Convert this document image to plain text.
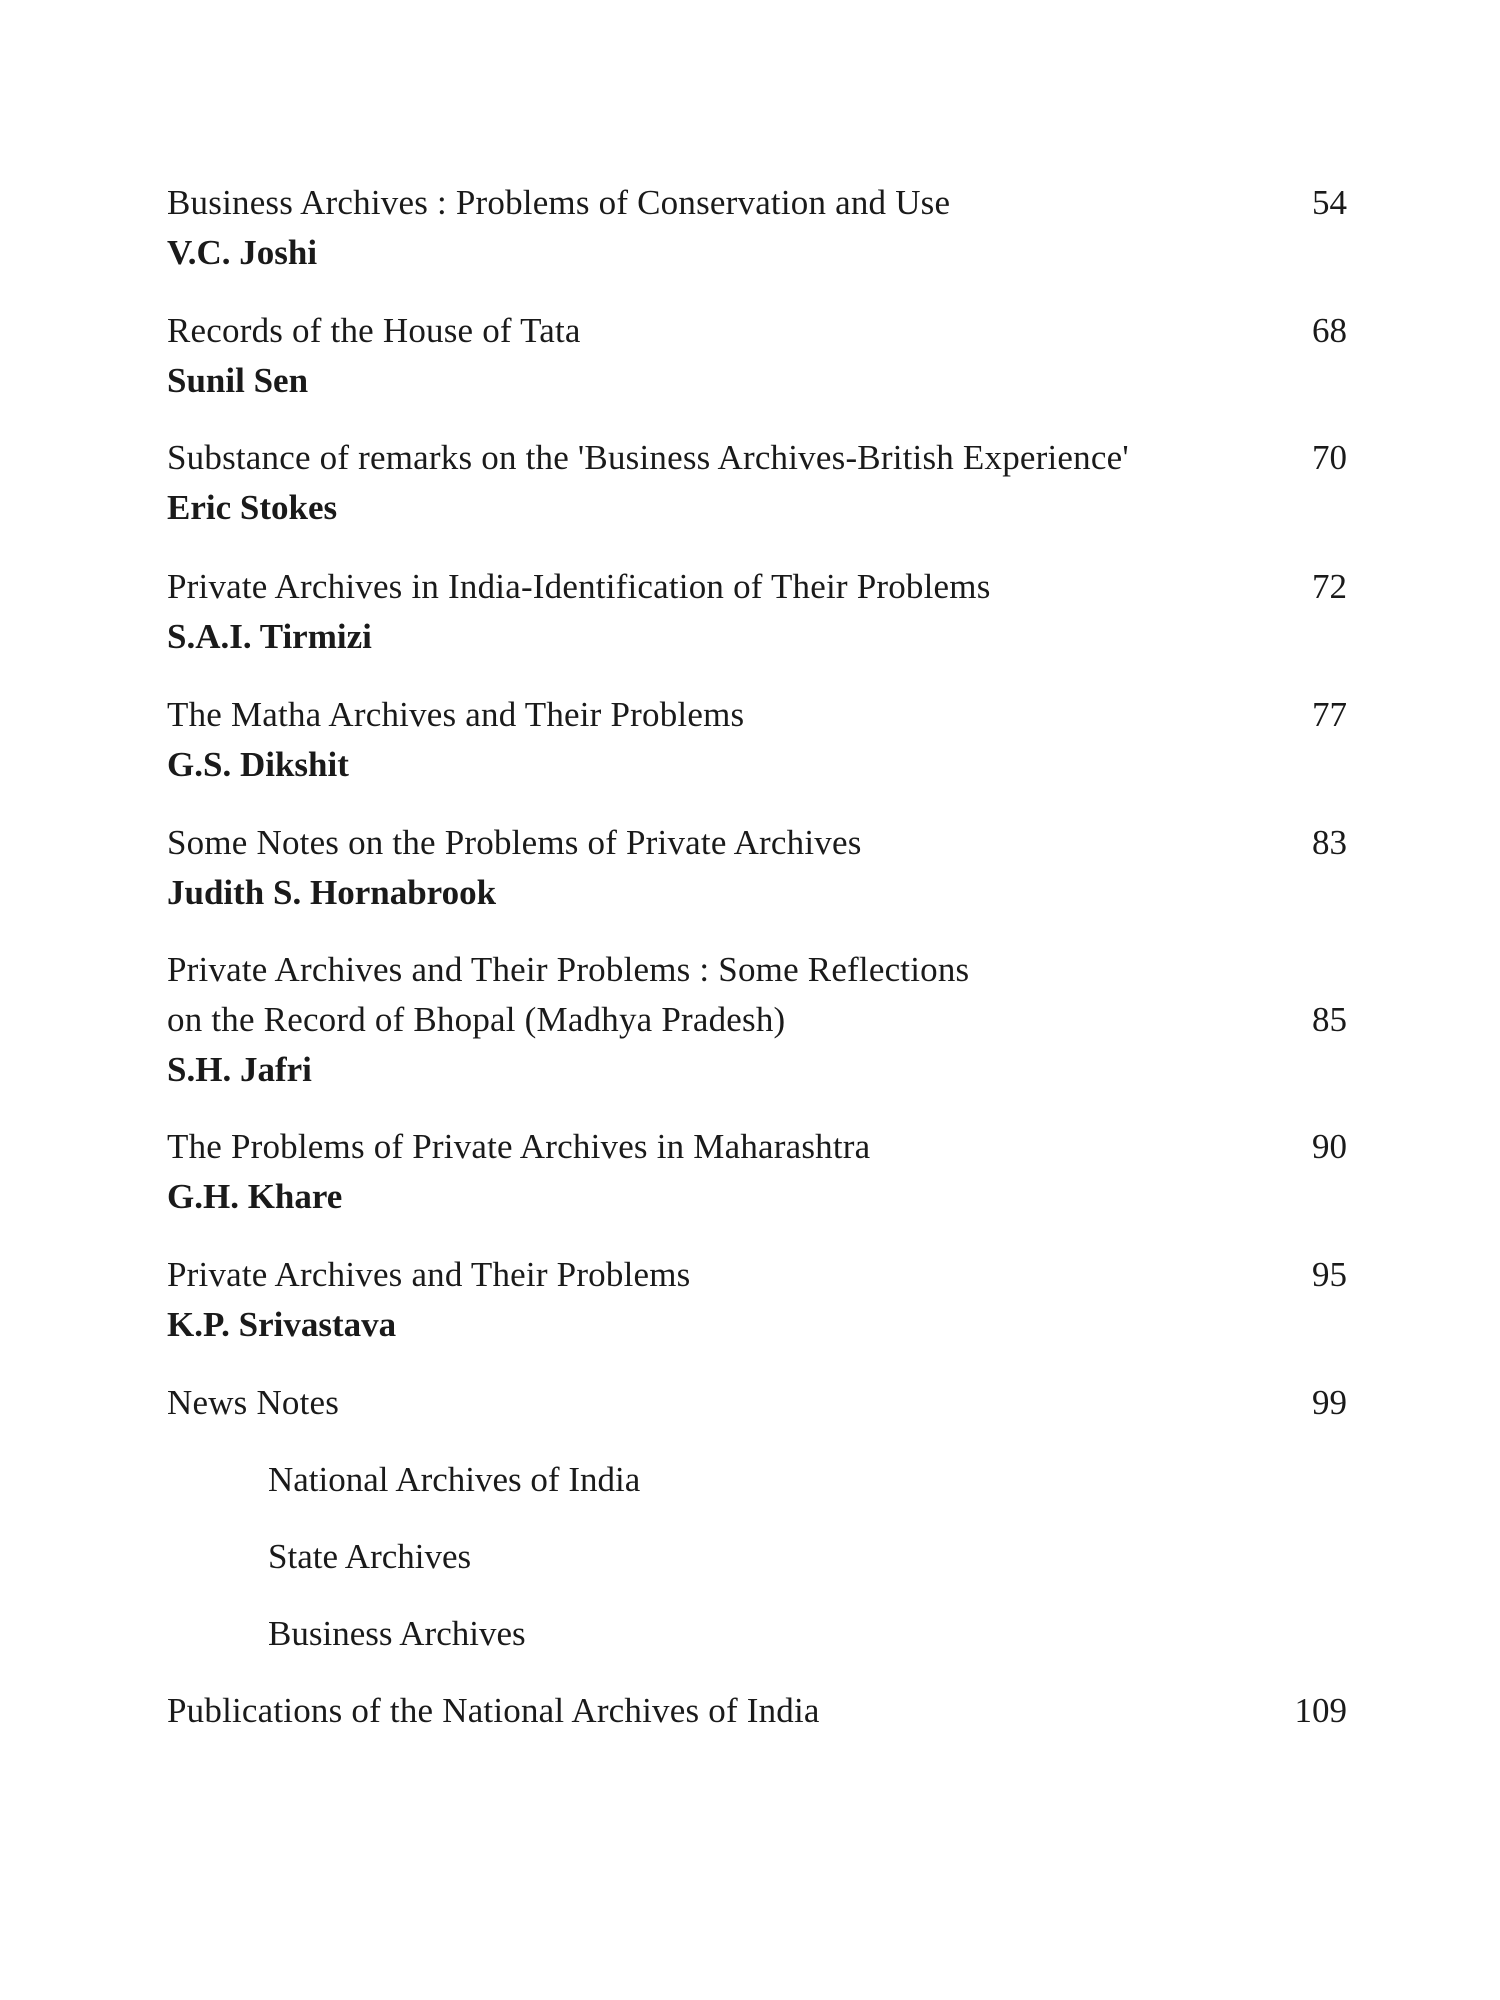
Business Archives : Problems of Conservation and Use	54
V.C. Joshi
Records of the House of Tata	68
Sunil Sen
Substance of remarks on the 'Business Archives-British Experience'	70
Eric Stokes
Private Archives in India-Identification of Their Problems	72
S.A.I. Tirmizi
The Matha Archives and Their Problems	77
G.S. Dikshit
Some Notes on the Problems of Private Archives	83
Judith S. Hornabrook
Private Archives and Their Problems : Some Reflections
on the Record of Bhopal (Madhya Pradesh)	85
S.H. Jafri
The Problems of Private Archives in Maharashtra	90
G.H. Khare
Private Archives and Their Problems	95
K.P. Srivastava
News Notes	99
National Archives of India
State Archives
Business Archives
Publications of the National Archives of India	109
